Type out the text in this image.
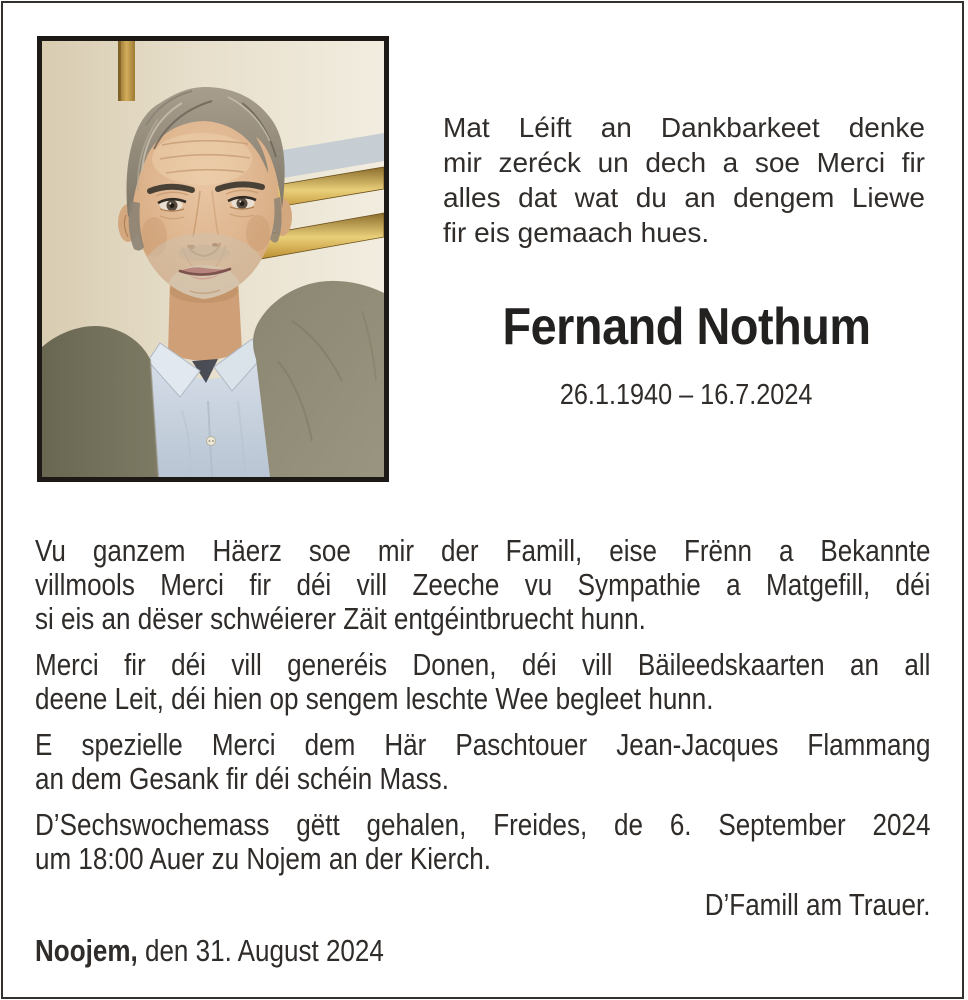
Mat Léift an Dankbarkeet denke
mir zeréck un dech a soe Merci fir
alles dat wat du an dengem Liewe
fir eis gemaach hues.
Fernand Nothum
26.1.1940 – 16.7.2024
Vu ganzem Häerz soe mir der Famill, eise Frënn a Bekannte
villmools Merci fir déi vill Zeeche vu Sympathie a Matgefill, déi
si eis an dëser schwéierer Zäit entgéintbruecht hunn.
Merci fir déi vill generéis Donen, déi vill Bäileedskaarten an all
deene Leit, déi hien op sengem leschte Wee begleet hunn.
E spezielle Merci dem Här Paschtouer Jean-Jacques Flammang
an dem Gesank fir déi schéin Mass.
D’Sechswochemass gëtt gehalen, Freides, de 6. September 2024
um 18:00 Auer zu Nojem an der Kierch.
D’Famill am Trauer.
Noojem, den 31. August 2024
